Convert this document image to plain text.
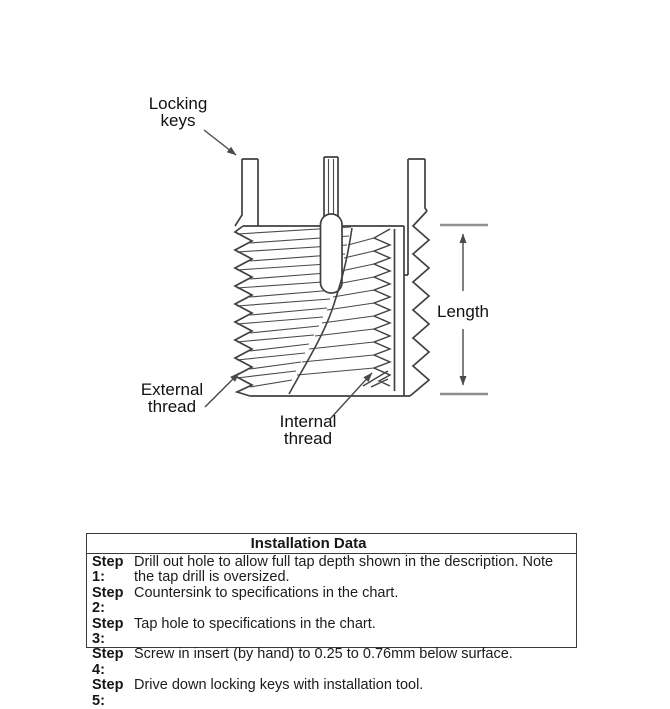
Locking
keys
External
thread
Internal
thread
Length
Installation Data
Step 1:
Drill out hole to allow full tap depth shown in the description. Note the tap drill is oversized.
Step 2:
Countersink to specifications in the chart.
Step 3:
Tap hole to specifications in the chart.
Step 4:
Screw in insert (by hand) to 0.25 to 0.76mm below surface.
Step 5:
Drive down locking keys with installation tool.
